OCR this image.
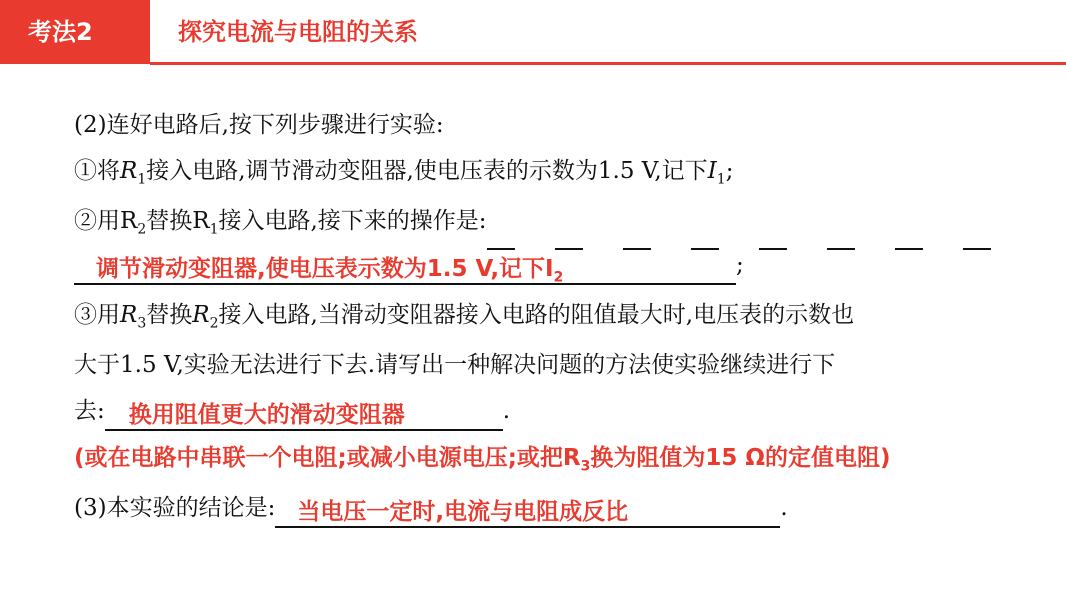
考法2	探究电流与电阻的关系
(2)连好电路后,按下列步骤进行实验:
①将$R_1$接入电路,调节滑动变阻器,使电压表的示数为1.5 V,记下$I_1$;
②用$R_2$替换$R_1$接入电路,接下来的操作是:
调节滑动变阻器,使电压表示数为1.5 V,记下$I_2$	;
③用$R_3$替换$R_2$接入电路,当滑动变阻器接入电路的阻值最大时,电压表的示数也
大于1.5 V,实验无法进行下去.请写出一种解决问题的方法使实验继续进行下
去: 换用阻值更大的滑动变阻器	.
(或在电路中串联一个电阻;或减小电源电压;或把$R_3$换为阻值为15 Ω的定值电阻)
(3)本实验的结论是: 当电压一定时,电流与电阻成反比	.
